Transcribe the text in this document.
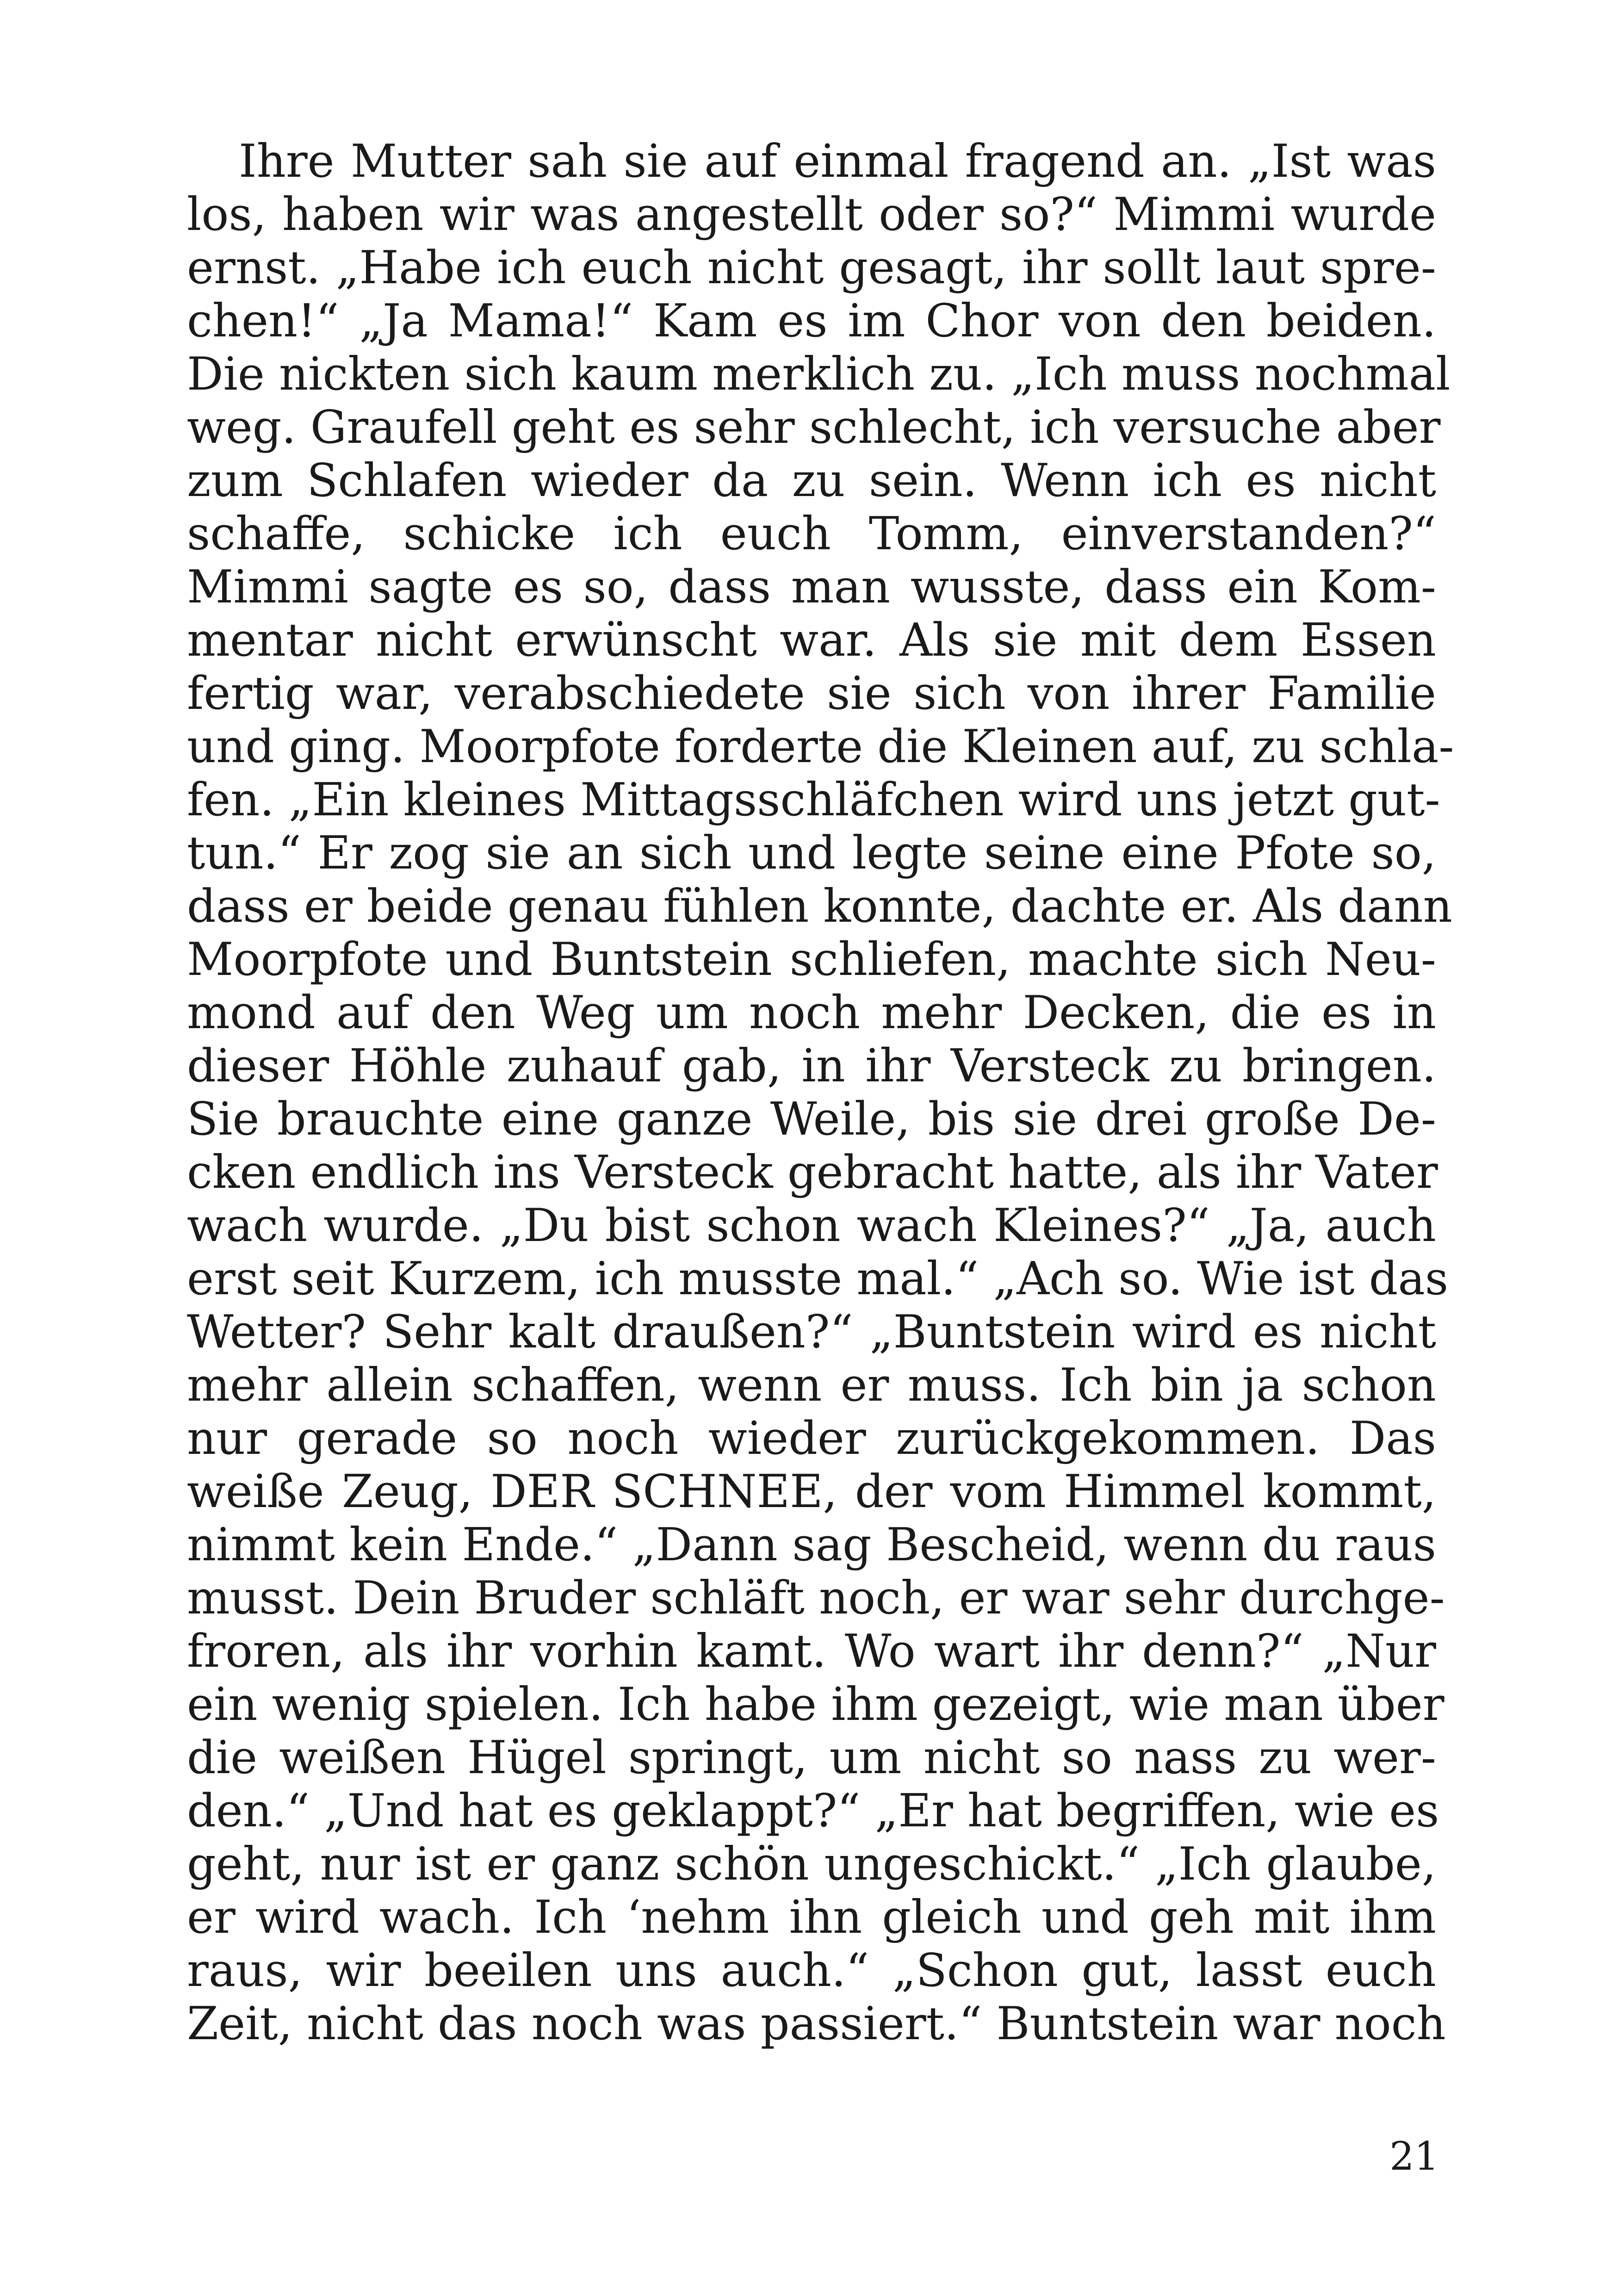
Ihre Mutter sah sie auf einmal fragend an. „Ist was
los, haben wir was angestellt oder so?“ Mimmi wurde
ernst. „Habe ich euch nicht gesagt, ihr sollt laut spre-
chen!“ „Ja Mama!“ Kam es im Chor von den beiden.
Die nickten sich kaum merklich zu. „Ich muss nochmal
weg. Graufell geht es sehr schlecht, ich versuche aber
zum Schlafen wieder da zu sein. Wenn ich es nicht
schaffe, schicke ich euch Tomm, einverstanden?“
Mimmi sagte es so, dass man wusste, dass ein Kom-
mentar nicht erwünscht war. Als sie mit dem Essen
fertig war, verabschiedete sie sich von ihrer Familie
und ging. Moorpfote forderte die Kleinen auf, zu schla-
fen. „Ein kleines Mittagsschläfchen wird uns jetzt gut-
tun.“ Er zog sie an sich und legte seine eine Pfote so,
dass er beide genau fühlen konnte, dachte er. Als dann
Moorpfote und Buntstein schliefen, machte sich Neu-
mond auf den Weg um noch mehr Decken, die es in
dieser Höhle zuhauf gab, in ihr Versteck zu bringen.
Sie brauchte eine ganze Weile, bis sie drei große De-
cken endlich ins Versteck gebracht hatte, als ihr Vater
wach wurde. „Du bist schon wach Kleines?“ „Ja, auch
erst seit Kurzem, ich musste mal.“ „Ach so. Wie ist das
Wetter? Sehr kalt draußen?“ „Buntstein wird es nicht
mehr allein schaffen, wenn er muss. Ich bin ja schon
nur gerade so noch wieder zurückgekommen. Das
weiße Zeug, DER SCHNEE, der vom Himmel kommt,
nimmt kein Ende.“ „Dann sag Bescheid, wenn du raus
musst. Dein Bruder schläft noch, er war sehr durchge-
froren, als ihr vorhin kamt. Wo wart ihr denn?“ „Nur
ein wenig spielen. Ich habe ihm gezeigt, wie man über
die weißen Hügel springt, um nicht so nass zu wer-
den.“ „Und hat es geklappt?“ „Er hat begriffen, wie es
geht, nur ist er ganz schön ungeschickt.“ „Ich glaube,
er wird wach. Ich ‘nehm ihn gleich und geh mit ihm
raus, wir beeilen uns auch.“ „Schon gut, lasst euch
Zeit, nicht das noch was passiert.“ Buntstein war noch
21
